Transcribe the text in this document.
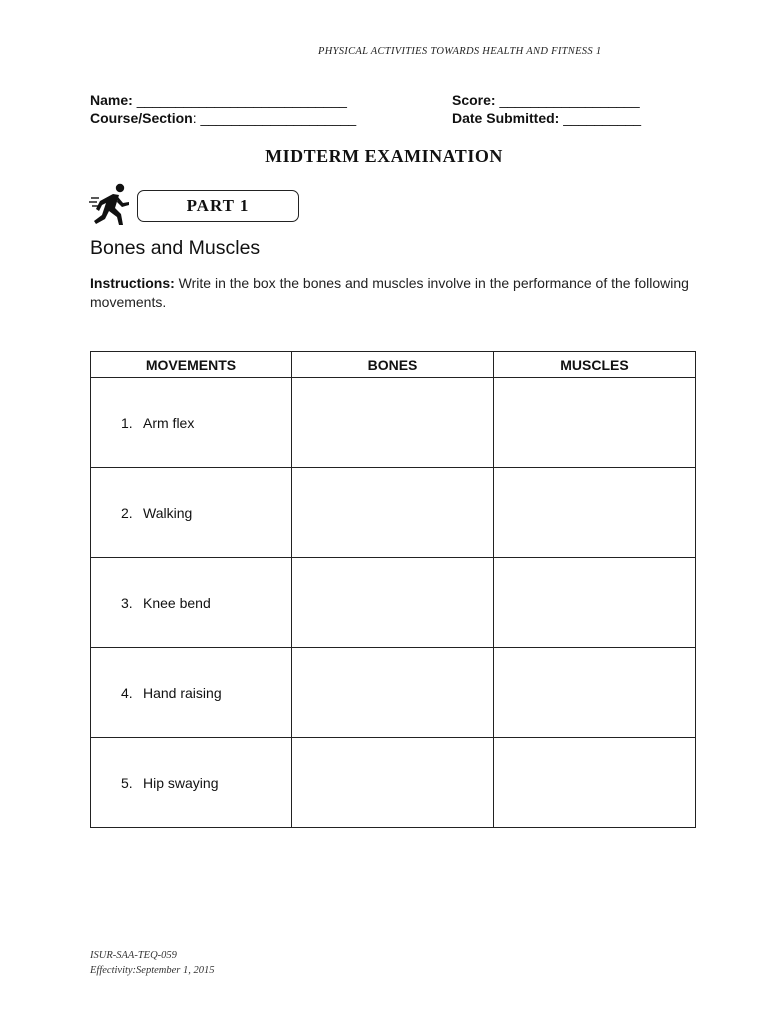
PHYSICAL ACTIVITIES TOWARDS HEALTH AND FITNESS 1
Name: ___________________________	Score: __________________
Course/Section: ____________________	Date Submitted: __________
MIDTERM EXAMINATION
PART 1
Bones and Muscles
Instructions: Write in the box the bones and muscles involve in the performance of the following movements.
MOVEMENTS	BONES	MUSCLES
1. Arm flex		
2. Walking		
3. Knee bend		
4. Hand raising		
5. Hip swaying		
ISUR-SAA-TEQ-059
Effectivity:September 1, 2015
